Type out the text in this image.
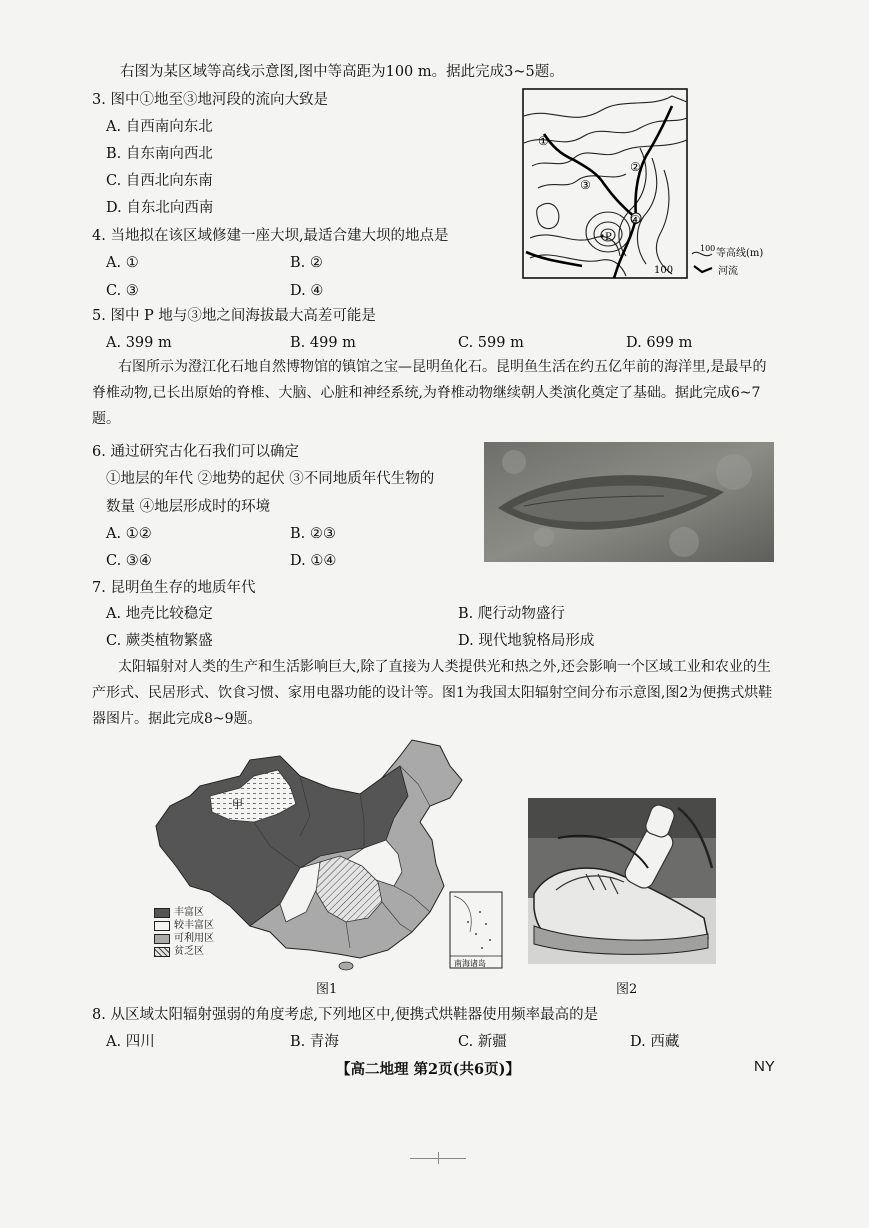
右图为某区域等高线示意图,图中等高距为100 m。据此完成3~5题。
3. 图中①地至③地河段的流向大致是
A. 自西南向东北
B. 自东南向西北
C. 自西北向东南
D. 自东北向西南
4. 当地拟在该区域修建一座大坝,最适合建大坝的地点是
A. ①	B. ②
C. ③	D. ④
5. 图中 P 地与③地之间海拔最大高差可能是
A. 399 m	B. 499 m	C. 599 m	D. 699 m
①
②
③
④
P
100
100 等高线(m)
河流
右图所示为澄江化石地自然博物馆的镇馆之宝—昆明鱼化石。昆明鱼生活在约五亿年前的海洋里,是最早的脊椎动物,已长出原始的脊椎、大脑、心脏和神经系统,为脊椎动物继续朝人类演化奠定了基础。据此完成6~7题。
6. 通过研究古化石我们可以确定
①地层的年代 ②地势的起伏 ③不同地质年代生物的
数量 ④地层形成时的环境
A. ①②	B. ②③
C. ③④	D. ①④
7. 昆明鱼生存的地质年代
A. 地壳比较稳定	B. 爬行动物盛行
C. 蕨类植物繁盛	D. 现代地貌格局形成
太阳辐射对人类的生产和生活影响巨大,除了直接为人类提供光和热之外,还会影响一个区域工业和农业的生产形式、民居形式、饮食习惯、家用电器功能的设计等。图1为我国太阳辐射空间分布示意图,图2为便携式烘鞋器图片。据此完成8~9题。
甲
南海诸岛
丰富区
较丰富区
可利用区
贫乏区
图1	图2
8. 从区域太阳辐射强弱的角度考虑,下列地区中,便携式烘鞋器使用频率最高的是
A. 四川	B. 青海	C. 新疆	D. 西藏
【高二地理 第2页(共6页)】	NY
